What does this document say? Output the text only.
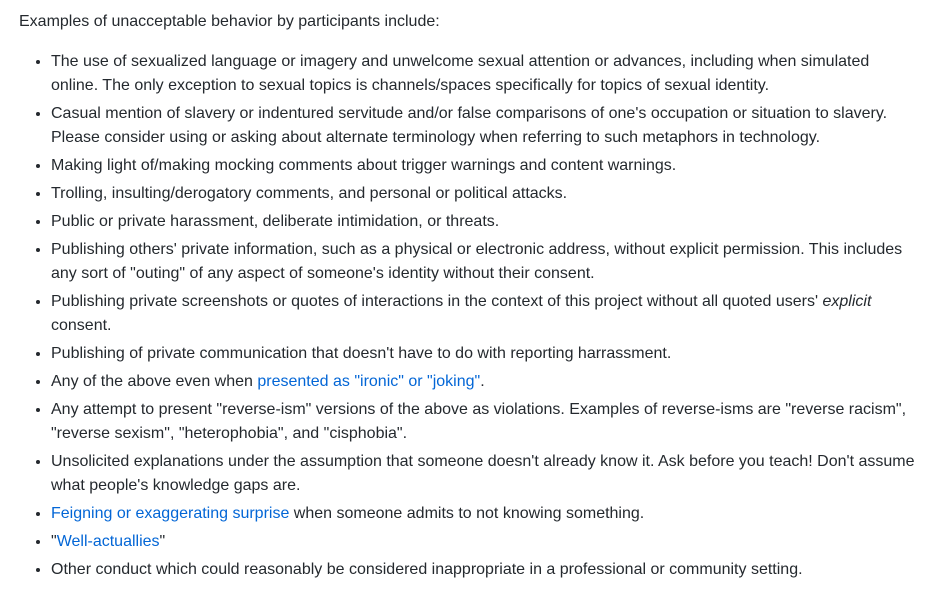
Examples of unacceptable behavior by participants include:

• The use of sexualized language or imagery and unwelcome sexual attention or advances, including when simulated online. The only exception to sexual topics is channels/spaces specifically for topics of sexual identity.
• Casual mention of slavery or indentured servitude and/or false comparisons of one's occupation or situation to slavery. Please consider using or asking about alternate terminology when referring to such metaphors in technology.
• Making light of/making mocking comments about trigger warnings and content warnings.
• Trolling, insulting/derogatory comments, and personal or political attacks.
• Public or private harassment, deliberate intimidation, or threats.
• Publishing others' private information, such as a physical or electronic address, without explicit permission. This includes any sort of "outing" of any aspect of someone's identity without their consent.
• Publishing private screenshots or quotes of interactions in the context of this project without all quoted users' explicit consent.
• Publishing of private communication that doesn't have to do with reporting harrassment.
• Any of the above even when presented as "ironic" or "joking".
• Any attempt to present "reverse-ism" versions of the above as violations. Examples of reverse-isms are "reverse racism", "reverse sexism", "heterophobia", and "cisphobia".
• Unsolicited explanations under the assumption that someone doesn't already know it. Ask before you teach! Don't assume what people's knowledge gaps are.
• Feigning or exaggerating surprise when someone admits to not knowing something.
• "Well-actuallies"
• Other conduct which could reasonably be considered inappropriate in a professional or community setting.
